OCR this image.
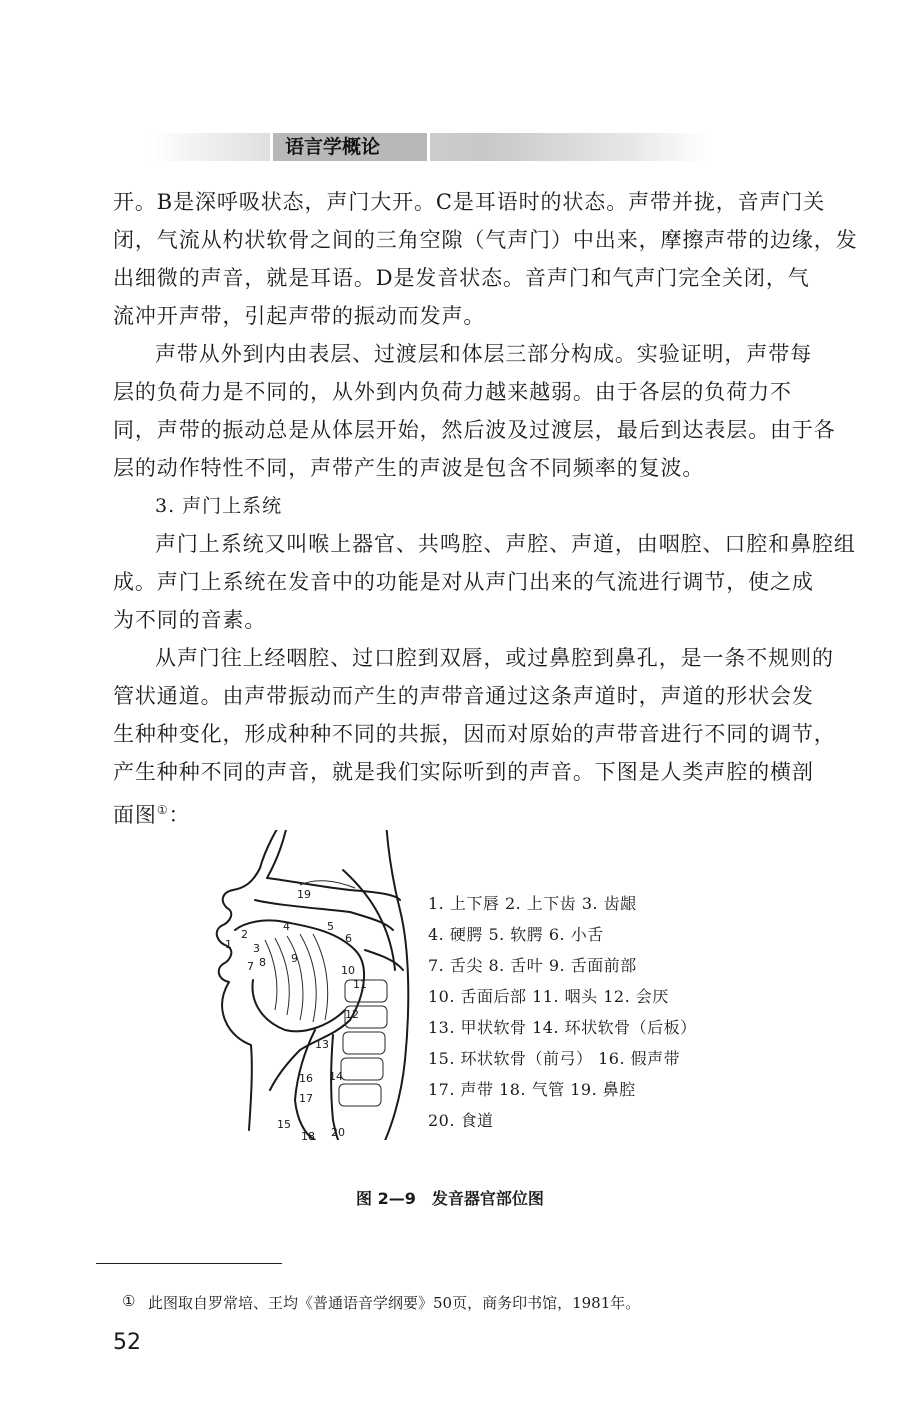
语言学概论
开。B是深呼吸状态，声门大开。C是耳语时的状态。声带并拢，音声门关
闭，气流从杓状软骨之间的三角空隙（气声门）中出来，摩擦声带的边缘，发
出细微的声音，就是耳语。D是发音状态。音声门和气声门完全关闭，气
流冲开声带，引起声带的振动而发声。
声带从外到内由表层、过渡层和体层三部分构成。实验证明，声带每
层的负荷力是不同的，从外到内负荷力越来越弱。由于各层的负荷力不
同，声带的振动总是从体层开始，然后波及过渡层，最后到达表层。由于各
层的动作特性不同，声带产生的声波是包含不同频率的复波。
3. 声门上系统
声门上系统又叫喉上器官、共鸣腔、声腔、声道，由咽腔、口腔和鼻腔组
成。声门上系统在发音中的功能是对从声门出来的气流进行调节，使之成
为不同的音素。
从声门往上经咽腔、过口腔到双唇，或过鼻腔到鼻孔，是一条不规则的
管状通道。由声带振动而产生的声带音通过这条声道时，声道的形状会发
生种种变化，形成种种不同的共振，因而对原始的声带音进行不同的调节，
产生种种不同的声音，就是我们实际听到的声音。下图是人类声腔的横剖
面图①：
19
1
2
3
4	5
6
7 8 9
10
11
12
13
14
15
16
17
18 20
1. 上下唇 2. 上下齿 3. 齿龈
4. 硬腭 5. 软腭 6. 小舌
7. 舌尖 8. 舌叶 9. 舌面前部
10. 舌面后部 11. 咽头 12. 会厌
13. 甲状软骨 14. 环状软骨（后板）
15. 环状软骨（前弓） 16. 假声带
17. 声带 18. 气管 19. 鼻腔
20. 食道
图 2—9 发音器官部位图
① 此图取自罗常培、王均《普通语音学纲要》50页，商务印书馆，1981年。
52
